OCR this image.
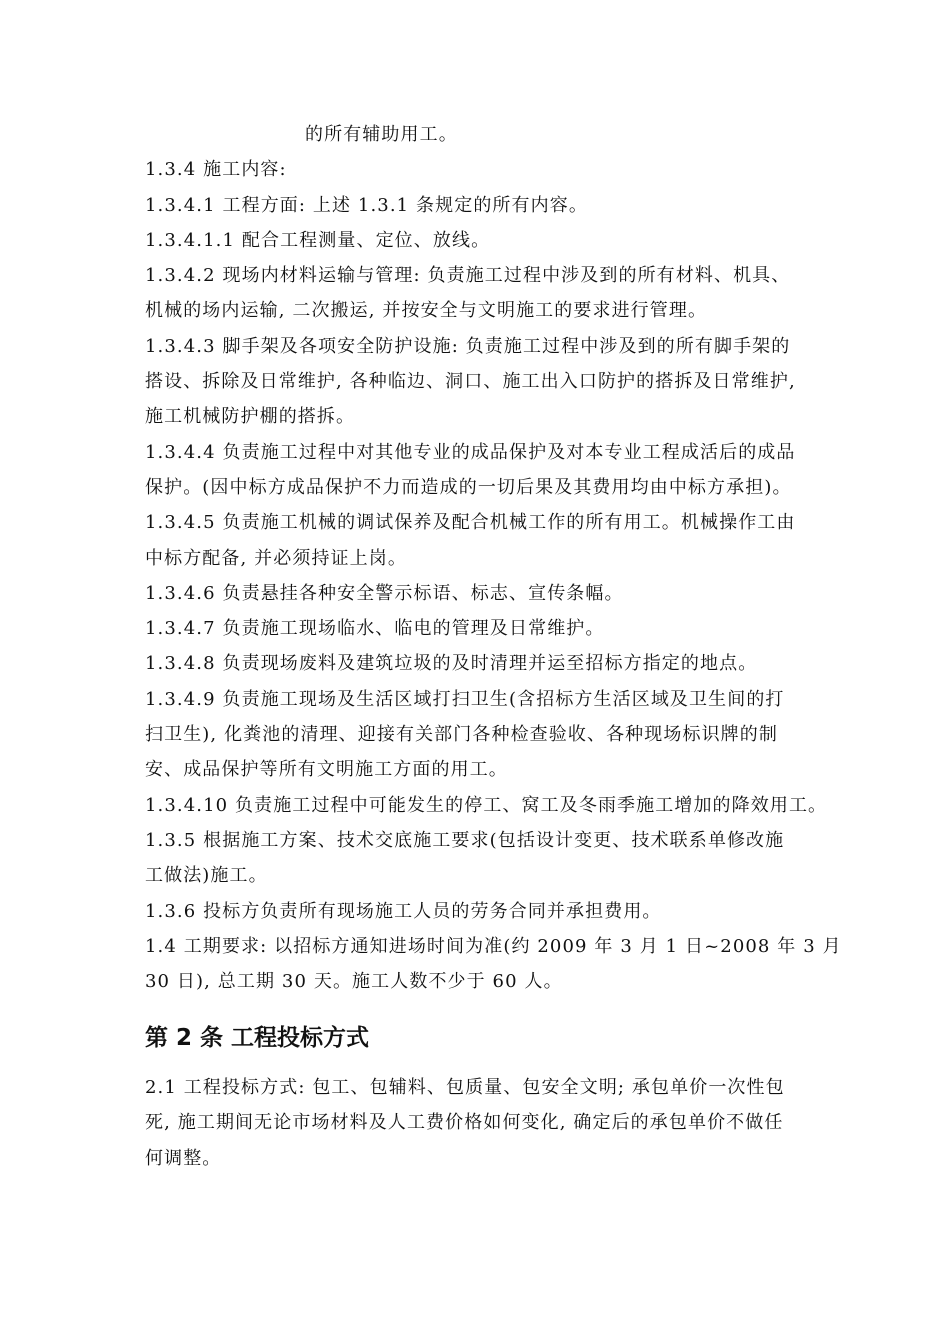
的所有辅助用工。
1.3.4 施工内容:
1.3.4.1 工程方面: 上述 1.3.1 条规定的所有内容。
1.3.4.1.1 配合工程测量、定位、放线。
1.3.4.2 现场内材料运输与管理: 负责施工过程中涉及到的所有材料、机具、
机械的场内运输, 二次搬运, 并按安全与文明施工的要求进行管理。
1.3.4.3 脚手架及各项安全防护设施: 负责施工过程中涉及到的所有脚手架的
搭设、拆除及日常维护, 各种临边、洞口、施工出入口防护的搭拆及日常维护,
施工机械防护棚的搭拆。
1.3.4.4 负责施工过程中对其他专业的成品保护及对本专业工程成活后的成品
保护。(因中标方成品保护不力而造成的一切后果及其费用均由中标方承担)。
1.3.4.5 负责施工机械的调试保养及配合机械工作的所有用工。机械操作工由
中标方配备, 并必须持证上岗。
1.3.4.6 负责悬挂各种安全警示标语、标志、宣传条幅。
1.3.4.7 负责施工现场临水、临电的管理及日常维护。
1.3.4.8 负责现场废料及建筑垃圾的及时清理并运至招标方指定的地点。
1.3.4.9 负责施工现场及生活区域打扫卫生(含招标方生活区域及卫生间的打
扫卫生), 化粪池的清理、迎接有关部门各种检查验收、各种现场标识牌的制
安、成品保护等所有文明施工方面的用工。
1.3.4.10 负责施工过程中可能发生的停工、窝工及冬雨季施工增加的降效用工。
1.3.5 根据施工方案、技术交底施工要求(包括设计变更、技术联系单修改施
工做法)施工。
1.3.6 投标方负责所有现场施工人员的劳务合同并承担费用。
1.4 工期要求: 以招标方通知进场时间为准(约 2009 年 3 月 1 日~2008 年 3 月
30 日), 总工期 30 天。施工人数不少于 60 人。
第 2 条 工程投标方式
2.1 工程投标方式: 包工、包辅料、包质量、包安全文明; 承包单价一次性包
死, 施工期间无论市场材料及人工费价格如何变化, 确定后的承包单价不做任
何调整。
